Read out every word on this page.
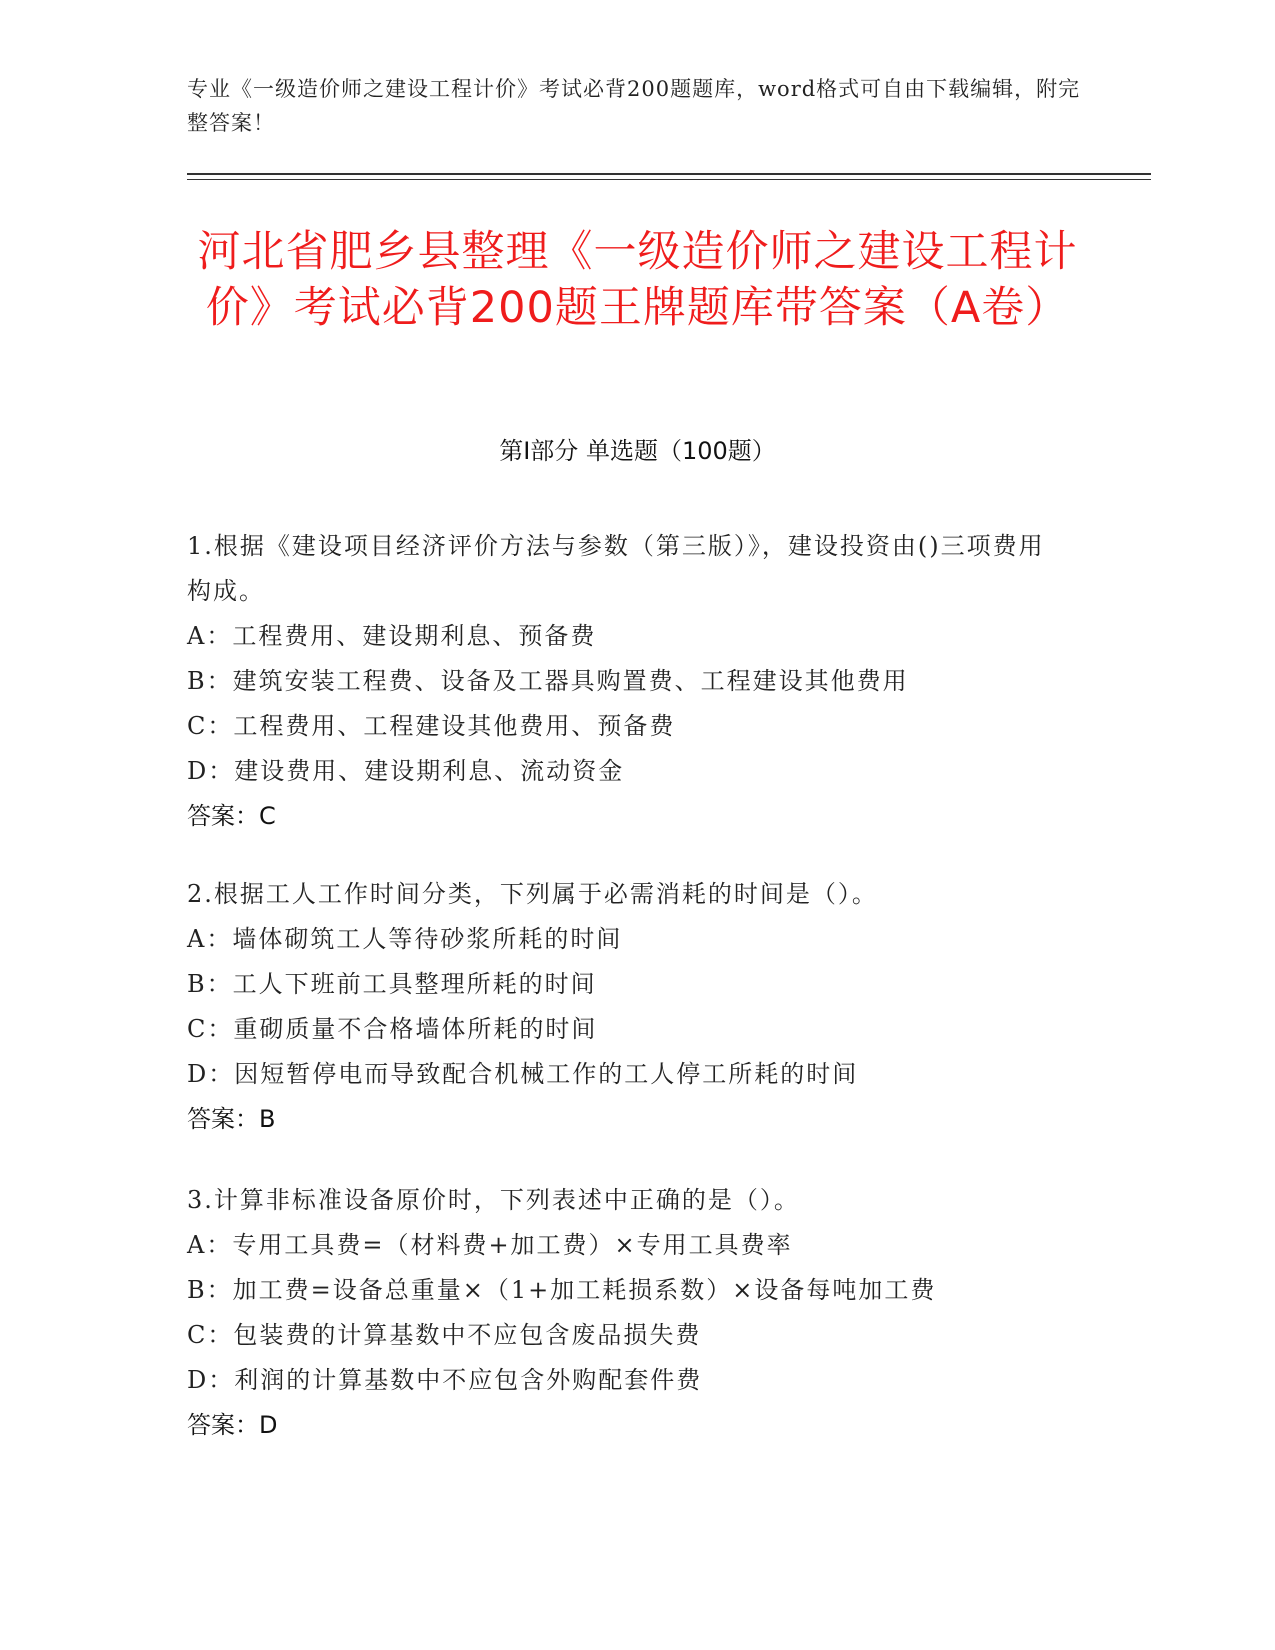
专业《一级造价师之建设工程计价》考试必背200题题库，word格式可自由下载编辑，附完整答案！
河北省肥乡县整理《一级造价师之建设工程计价》考试必背200题王牌题库带答案（A卷）
第Ⅰ部分 单选题（100题）
1.根据《建设项目经济评价方法与参数（第三版）》，建设投资由()三项费用构成。
A：工程费用、建设期利息、预备费
B：建筑安装工程费、设备及工器具购置费、工程建设其他费用
C：工程费用、工程建设其他费用、预备费
D：建设费用、建设期利息、流动资金
答案：C
2.根据工人工作时间分类，下列属于必需消耗的时间是（）。
A：墙体砌筑工人等待砂浆所耗的时间
B：工人下班前工具整理所耗的时间
C：重砌质量不合格墙体所耗的时间
D：因短暂停电而导致配合机械工作的工人停工所耗的时间
答案：B
3.计算非标准设备原价时，下列表述中正确的是（）。
A：专用工具费=（材料费+加工费）×专用工具费率
B：加工费=设备总重量×（1+加工耗损系数）×设备每吨加工费
C：包装费的计算基数中不应包含废品损失费
D：利润的计算基数中不应包含外购配套件费
答案：D
